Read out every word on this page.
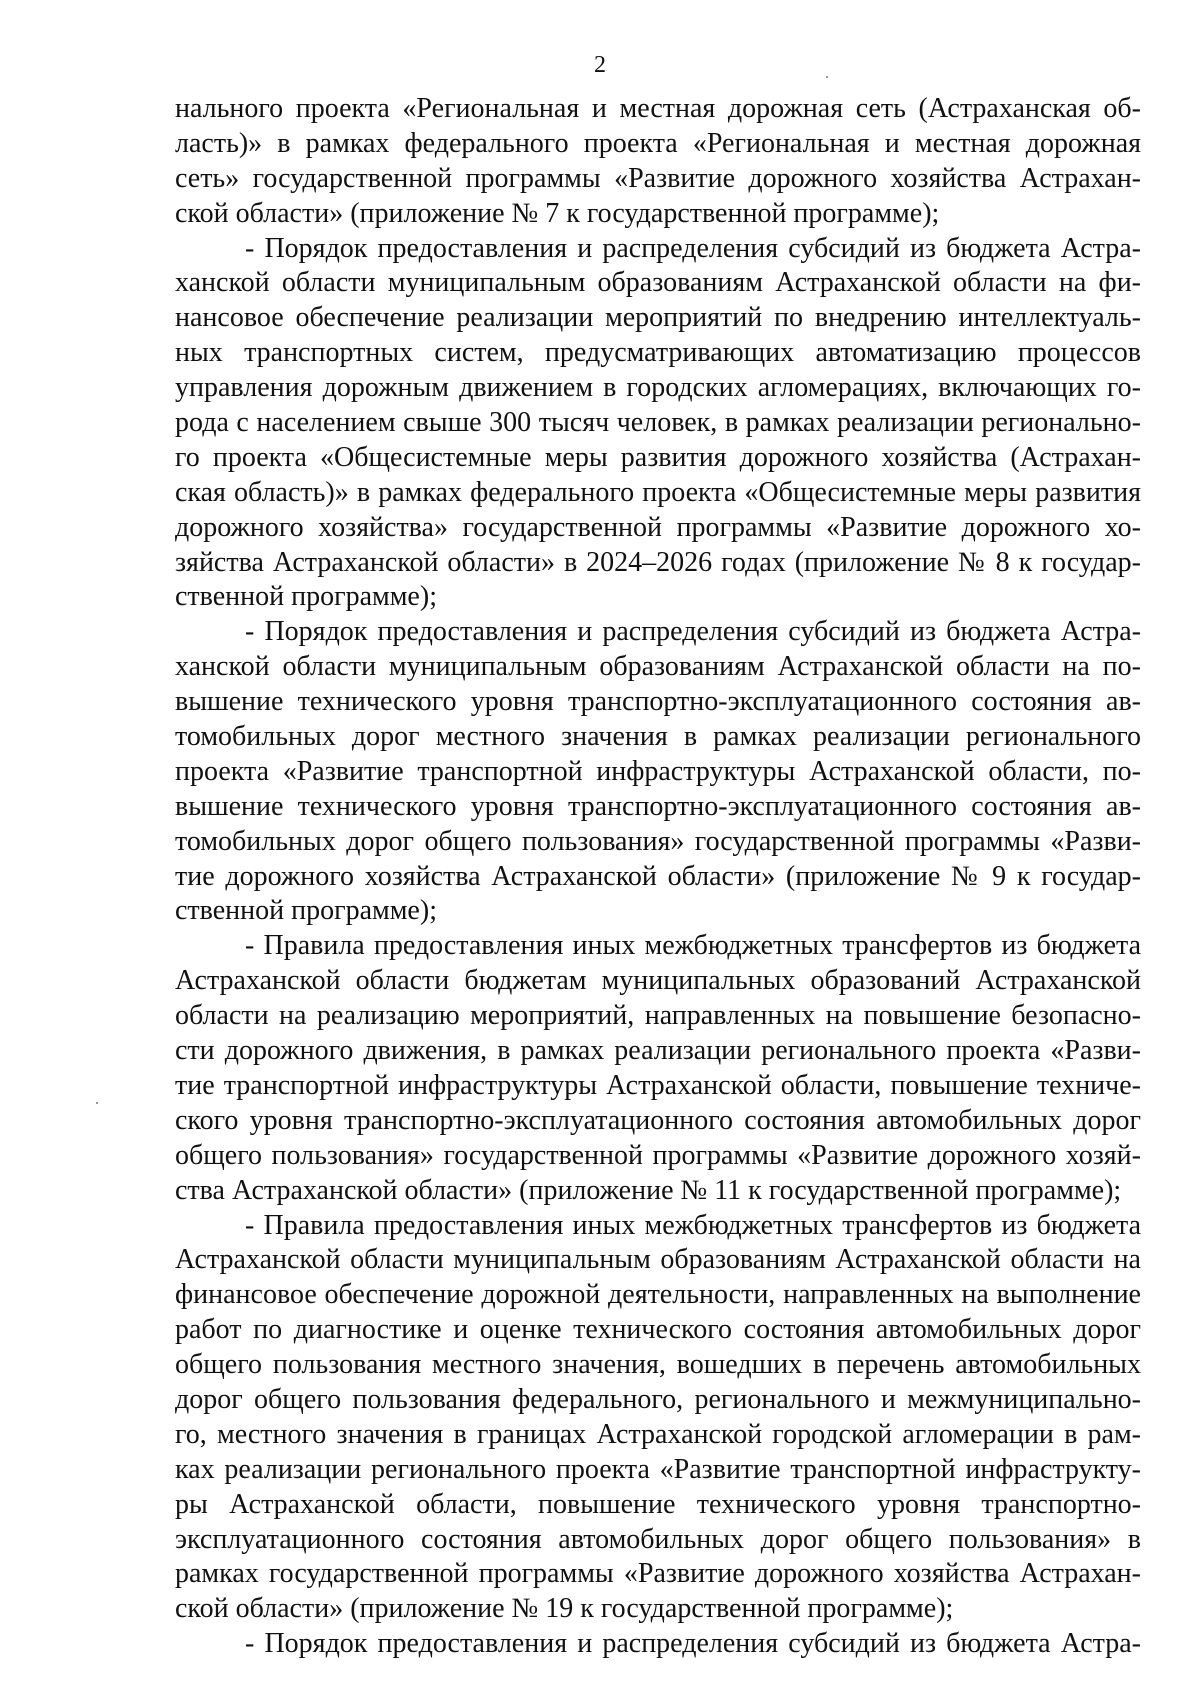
2
нального проекта «Региональная и местная дорожная сеть (Астраханская об-
ласть)» в рамках федерального проекта «Региональная и местная дорожная
сеть» государственной программы «Развитие дорожного хозяйства Астрахан-
ской области» (приложение № 7 к государственной программе);
- Порядок предоставления и распределения субсидий из бюджета Астра-
ханской области муниципальным образованиям Астраханской области на фи-
нансовое обеспечение реализации мероприятий по внедрению интеллектуаль-
ных транспортных систем, предусматривающих автоматизацию процессов
управления дорожным движением в городских агломерациях, включающих го-
рода с населением свыше 300 тысяч человек, в рамках реализации регионально-
го проекта «Общесистемные меры развития дорожного хозяйства (Астрахан-
ская область)» в рамках федерального проекта «Общесистемные меры развития
дорожного хозяйства» государственной программы «Развитие дорожного хо-
зяйства Астраханской области» в 2024–2026 годах (приложение № 8 к государ-
ственной программе);
- Порядок предоставления и распределения субсидий из бюджета Астра-
ханской области муниципальным образованиям Астраханской области на по-
вышение технического уровня транспортно-эксплуатационного состояния ав-
томобильных дорог местного значения в рамках реализации регионального
проекта «Развитие транспортной инфраструктуры Астраханской области, по-
вышение технического уровня транспортно-эксплуатационного состояния ав-
томобильных дорог общего пользования» государственной программы «Разви-
тие дорожного хозяйства Астраханской области» (приложение № 9 к государ-
ственной программе);
- Правила предоставления иных межбюджетных трансфертов из бюджета
Астраханской области бюджетам муниципальных образований Астраханской
области на реализацию мероприятий, направленных на повышение безопасно-
сти дорожного движения, в рамках реализации регионального проекта «Разви-
тие транспортной инфраструктуры Астраханской области, повышение техниче-
ского уровня транспортно-эксплуатационного состояния автомобильных дорог
общего пользования» государственной программы «Развитие дорожного хозяй-
ства Астраханской области» (приложение № 11 к государственной программе);
- Правила предоставления иных межбюджетных трансфертов из бюджета
Астраханской области муниципальным образованиям Астраханской области на
финансовое обеспечение дорожной деятельности, направленных на выполнение
работ по диагностике и оценке технического состояния автомобильных дорог
общего пользования местного значения, вошедших в перечень автомобильных
дорог общего пользования федерального, регионального и межмуниципально-
го, местного значения в границах Астраханской городской агломерации в рам-
ках реализации регионального проекта «Развитие транспортной инфраструкту-
ры Астраханской области, повышение технического уровня транспортно-
эксплуатационного состояния автомобильных дорог общего пользования» в
рамках государственной программы «Развитие дорожного хозяйства Астрахан-
ской области» (приложение № 19 к государственной программе);
- Порядок предоставления и распределения субсидий из бюджета Астра-
